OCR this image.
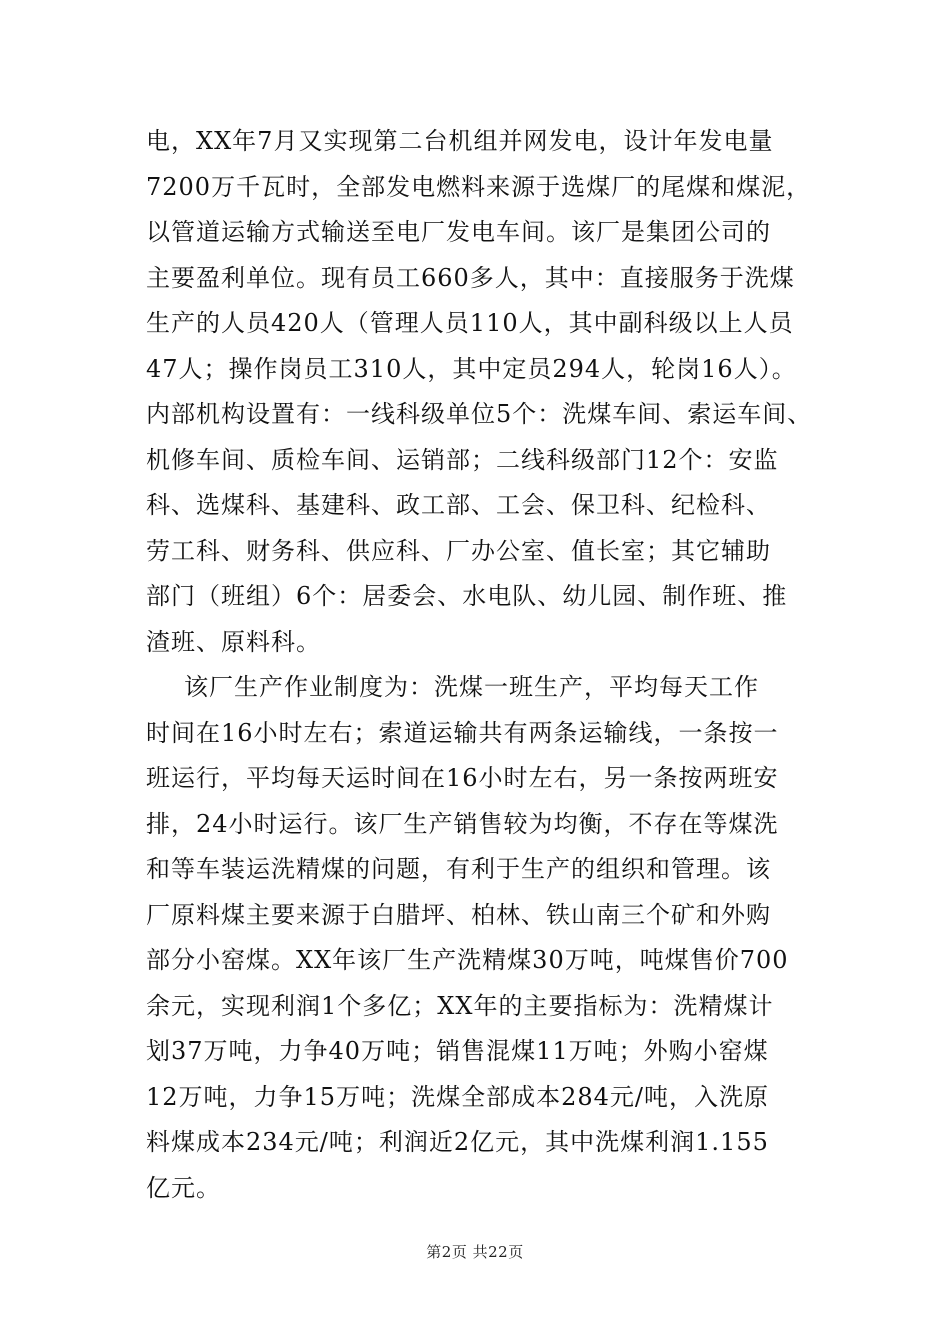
电，XX年7月又实现第二台机组并网发电，设计年发电量
7200万千瓦时，全部发电燃料来源于选煤厂的尾煤和煤泥，
以管道运输方式输送至电厂发电车间。该厂是集团公司的
主要盈利单位。现有员工660多人，其中：直接服务于洗煤
生产的人员420人（管理人员110人，其中副科级以上人员
47人；操作岗员工310人，其中定员294人，轮岗16人）。
内部机构设置有：一线科级单位5个：洗煤车间、索运车间、
机修车间、质检车间、运销部；二线科级部门12个：安监
科、选煤科、基建科、政工部、工会、保卫科、纪检科、
劳工科、财务科、供应科、厂办公室、值长室；其它辅助
部门（班组）6个：居委会、水电队、幼儿园、制作班、推
渣班、原料科。

该厂生产作业制度为：洗煤一班生产，平均每天工作
时间在16小时左右；索道运输共有两条运输线，一条按一
班运行，平均每天运时间在16小时左右，另一条按两班安
排，24小时运行。该厂生产销售较为均衡，不存在等煤洗
和等车装运洗精煤的问题，有利于生产的组织和管理。该
厂原料煤主要来源于白腊坪、柏林、铁山南三个矿和外购
部分小窑煤。XX年该厂生产洗精煤30万吨，吨煤售价700
余元，实现利润1个多亿；XX年的主要指标为：洗精煤计
划37万吨，力争40万吨；销售混煤11万吨；外购小窑煤
12万吨，力争15万吨；洗煤全部成本284元/吨，入洗原
料煤成本234元/吨；利润近2亿元，其中洗煤利润1.155
亿元。

第2页 共22页
